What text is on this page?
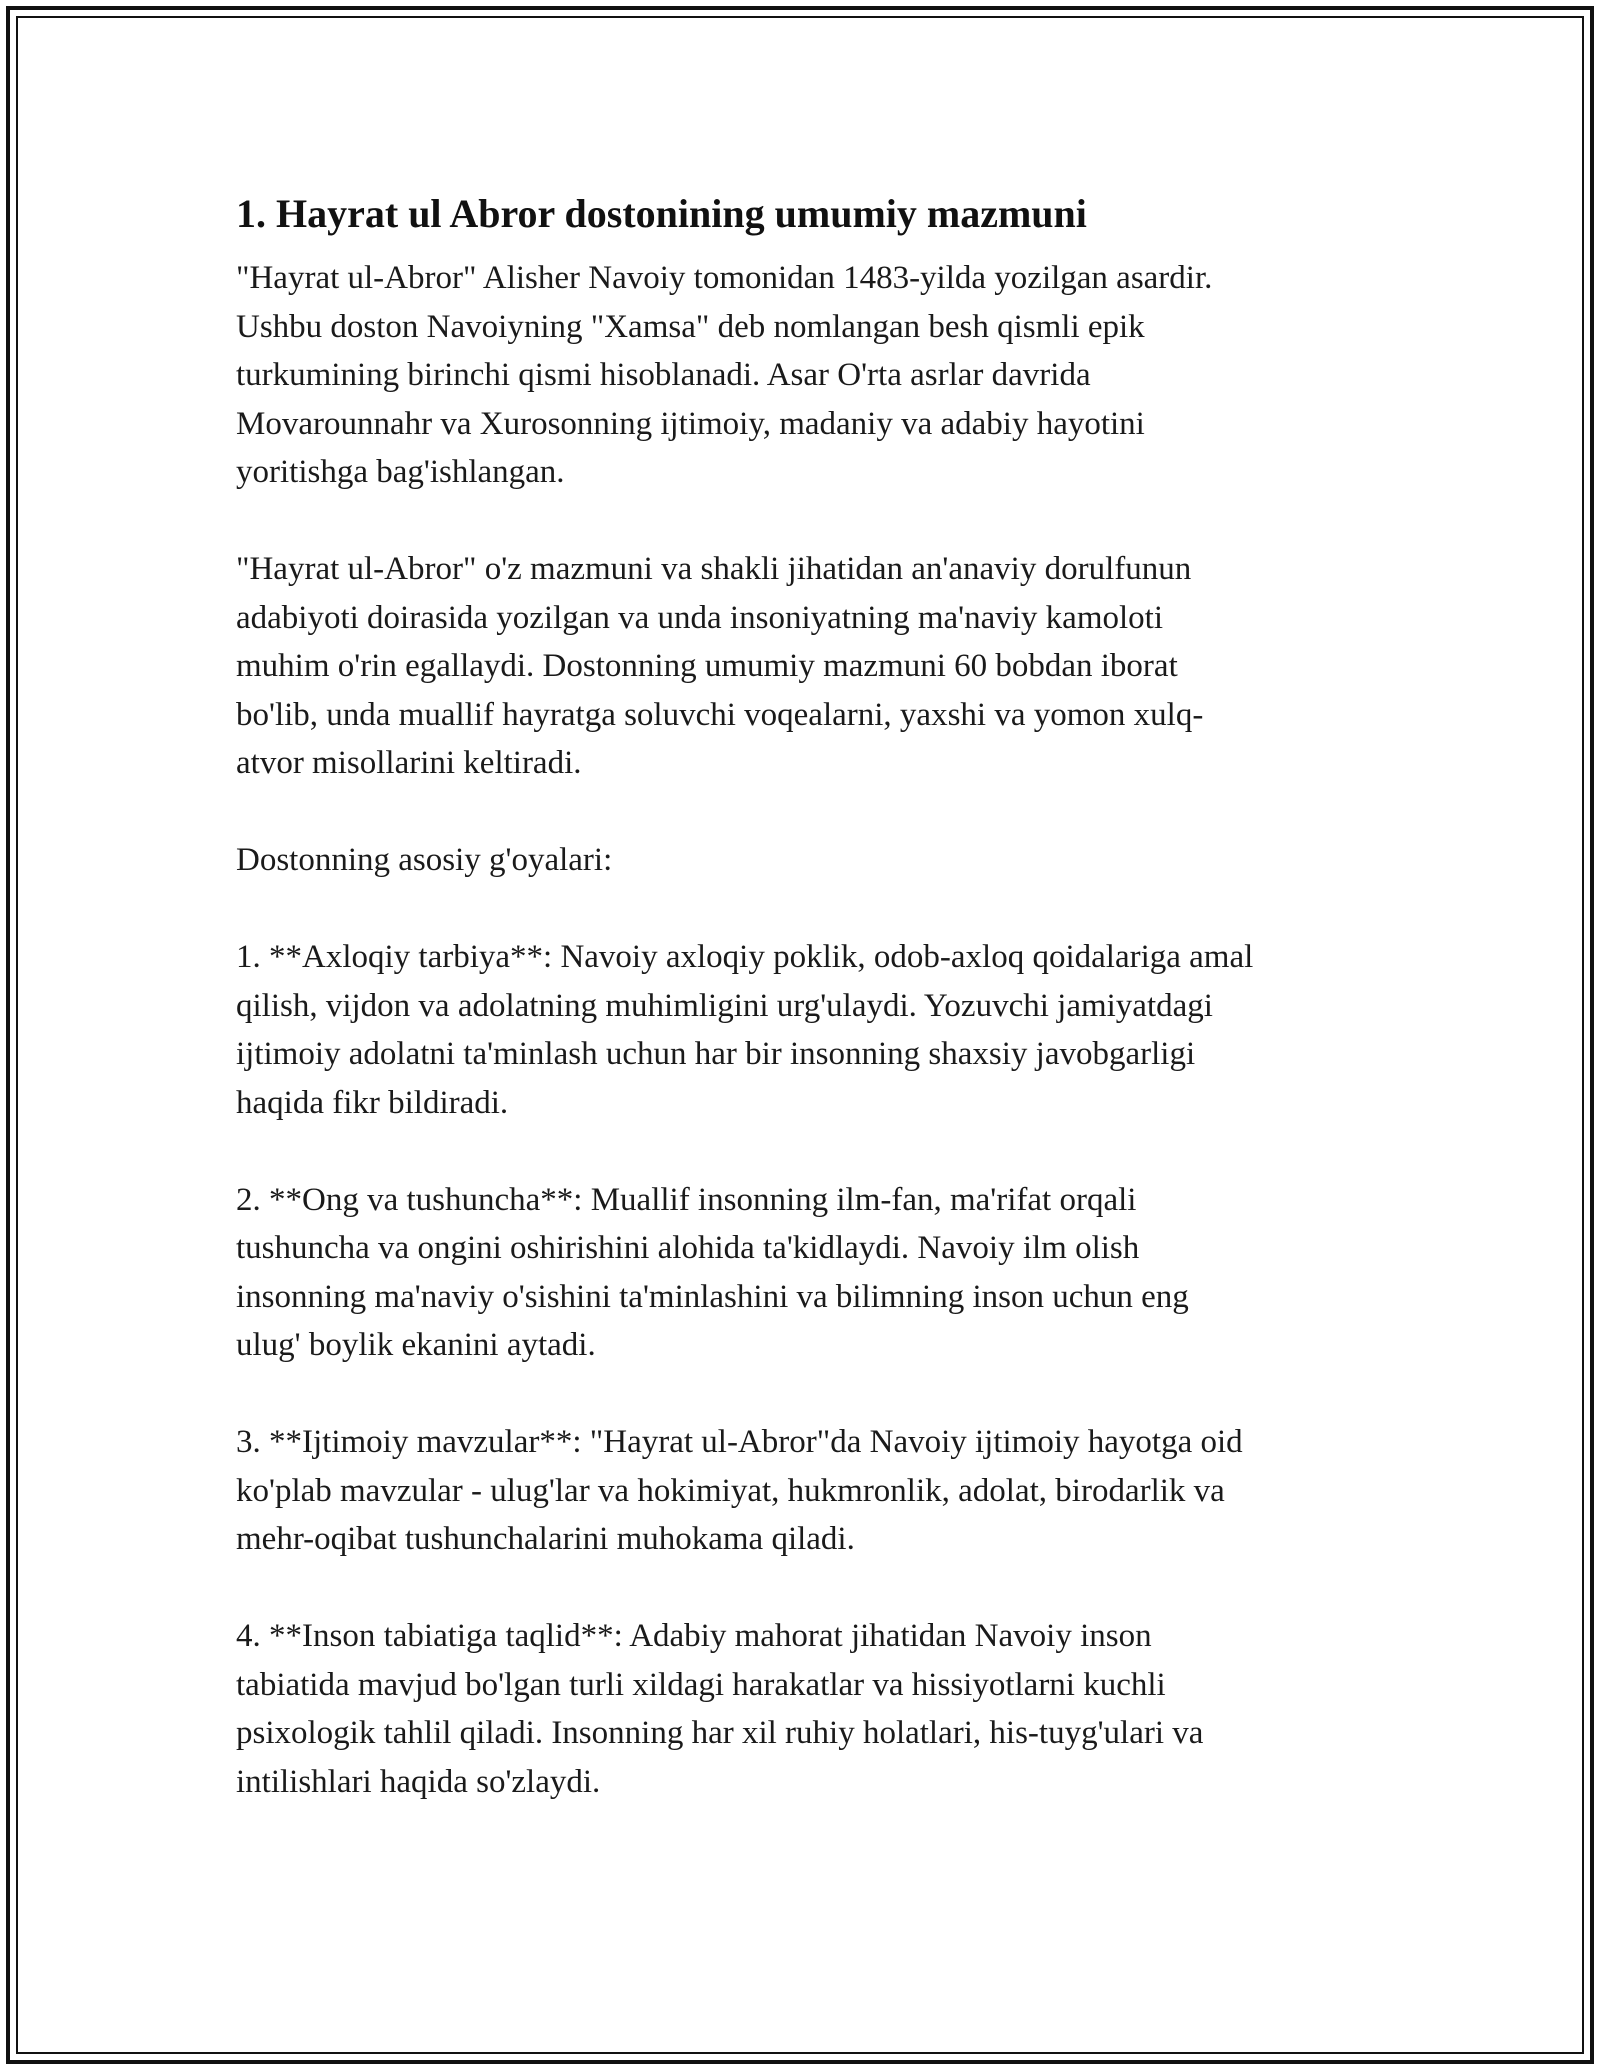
1. Hayrat ul Abror dostonining umumiy mazmuni

"Hayrat ul-Abror" Alisher Navoiy tomonidan 1483-yilda yozilgan asardir.
Ushbu doston Navoiyning "Xamsa" deb nomlangan besh qismli epik
turkumining birinchi qismi hisoblanadi. Asar O'rta asrlar davrida
Movarounnahr va Xurosonning ijtimoiy, madaniy va adabiy hayotini
yoritishga bag'ishlangan.

"Hayrat ul-Abror" o'z mazmuni va shakli jihatidan an'anaviy dorulfunun
adabiyoti doirasida yozilgan va unda insoniyatning ma'naviy kamoloti
muhim o'rin egallaydi. Dostonning umumiy mazmuni 60 bobdan iborat
bo'lib, unda muallif hayratga soluvchi voqealarni, yaxshi va yomon xulq-
atvor misollarini keltiradi.

Dostonning asosiy g'oyalari:

1. **Axloqiy tarbiya**: Navoiy axloqiy poklik, odob-axloq qoidalariga amal
qilish, vijdon va adolatning muhimligini urg'ulaydi. Yozuvchi jamiyatdagi
ijtimoiy adolatni ta'minlash uchun har bir insonning shaxsiy javobgarligi
haqida fikr bildiradi.

2. **Ong va tushuncha**: Muallif insonning ilm-fan, ma'rifat orqali
tushuncha va ongini oshirishini alohida ta'kidlaydi. Navoiy ilm olish
insonning ma'naviy o'sishini ta'minlashini va bilimning inson uchun eng
ulug' boylik ekanini aytadi.

3. **Ijtimoiy mavzular**: "Hayrat ul-Abror"da Navoiy ijtimoiy hayotga oid
ko'plab mavzular - ulug'lar va hokimiyat, hukmronlik, adolat, birodarlik va
mehr-oqibat tushunchalarini muhokama qiladi.

4. **Inson tabiatiga taqlid**: Adabiy mahorat jihatidan Navoiy inson
tabiatida mavjud bo'lgan turli xildagi harakatlar va hissiyotlarni kuchli
psixologik tahlil qiladi. Insonning har xil ruhiy holatlari, his-tuyg'ulari va
intilishlari haqida so'zlaydi.
